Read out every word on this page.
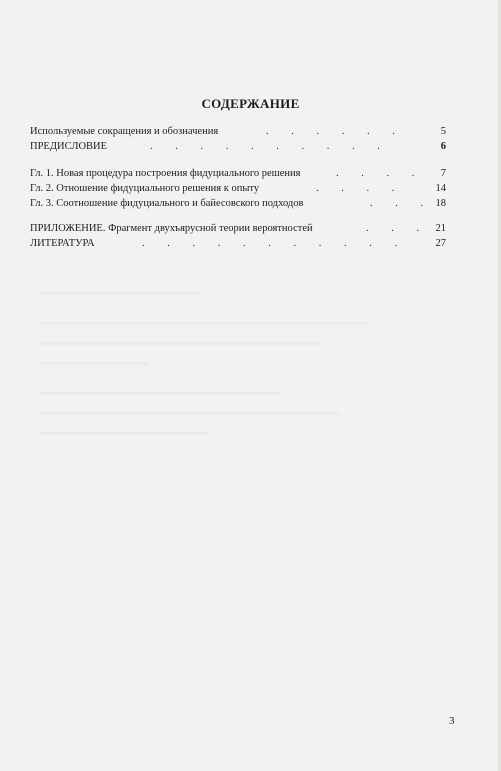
СОДЕРЖАНИЕ
Используемые сокращения и обозначения	. . . . . .	5
ПРЕДИСЛОВИЕ	. . . . . . . . . .	6
Гл. 1. Новая процедура построения фидуциального решения	. . . .	7
Гл. 2. Отношение фидуциального решения к опыту	. . . .	14
Гл. 3. Соотношение фидуциального и байесовского подходов	. . . 18
ПРИЛОЖЕНИЕ. Фрагмент двухъярусной теории вероятностей	. . . 21
ЛИТЕРАТУРА	. . . . . . . . . . .	27
3
